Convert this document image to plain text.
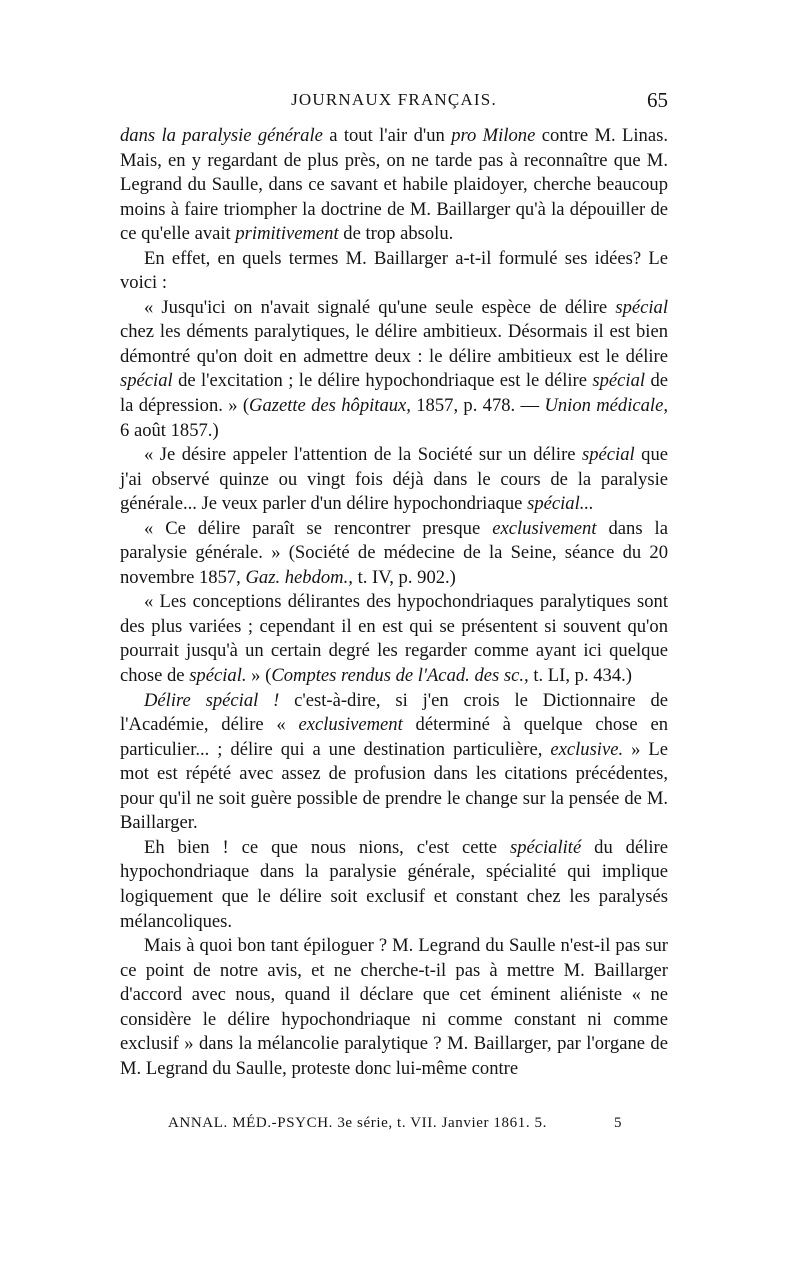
JOURNAUX FRANÇAIS.	65

dans la paralysie générale a tout l'air d'un pro Milone contre M. Linas. Mais, en y regardant de plus près, on ne tarde pas à reconnaître que M. Legrand du Saulle, dans ce savant et habile plaidoyer, cherche beaucoup moins à faire triompher la doctrine de M. Baillarger qu'à la dépouiller de ce qu'elle avait primitivement de trop absolu.

En effet, en quels termes M. Baillarger a-t-il formulé ses idées? Le voici :

« Jusqu'ici on n'avait signalé qu'une seule espèce de délire spécial chez les déments paralytiques, le délire ambitieux. Désormais il est bien démontré qu'on doit en admettre deux : le délire ambitieux est le délire spécial de l'excitation ; le délire hypochondriaque est le délire spécial de la dépression. » (Gazette des hôpitaux, 1857, p. 478. — Union médicale, 6 août 1857.)

« Je désire appeler l'attention de la Société sur un délire spécial que j'ai observé quinze ou vingt fois déjà dans le cours de la paralysie générale... Je veux parler d'un délire hypochondriaque spécial...

« Ce délire paraît se rencontrer presque exclusivement dans la paralysie générale. » (Société de médecine de la Seine, séance du 20 novembre 1857, Gaz. hebdom., t. IV, p. 902.)

« Les conceptions délirantes des hypochondriaques paralytiques sont des plus variées ; cependant il en est qui se présentent si souvent qu'on pourrait jusqu'à un certain degré les regarder comme ayant ici quelque chose de spécial. » (Comptes rendus de l'Acad. des sc., t. LI, p. 434.)

Délire spécial ! c'est-à-dire, si j'en crois le Dictionnaire de l'Académie, délire « exclusivement déterminé à quelque chose en particulier... ; délire qui a une destination particulière, exclusive. » Le mot est répété avec assez de profusion dans les citations précédentes, pour qu'il ne soit guère possible de prendre le change sur la pensée de M. Baillarger.

Eh bien ! ce que nous nions, c'est cette spécialité du délire hypochondriaque dans la paralysie générale, spécialité qui implique logiquement que le délire soit exclusif et constant chez les paralysés mélancoliques.

Mais à quoi bon tant épiloguer ? M. Legrand du Saulle n'est-il pas sur ce point de notre avis, et ne cherche-t-il pas à mettre M. Baillarger d'accord avec nous, quand il déclare que cet éminent aliéniste « ne considère le délire hypochondriaque ni comme constant ni comme exclusif » dans la mélancolie paralytique ? M. Baillarger, par l'organe de M. Legrand du Saulle, proteste donc lui-même contre

ANNAL. MÉD.-PSYCH. 3e série, t. VII. Janvier 1861. 5.	5
